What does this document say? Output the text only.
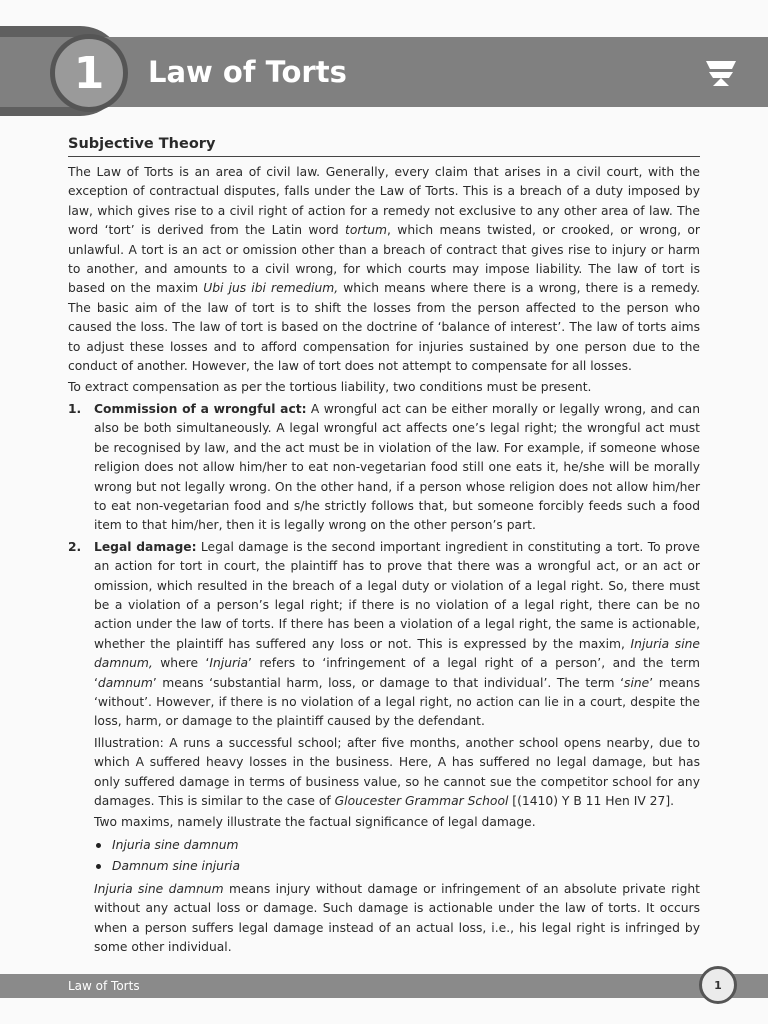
1	Law of Torts
Subjective Theory

The Law of Torts is an area of civil law. Generally, every claim that arises in a civil court, with the exception of contractual disputes, falls under the Law of Torts. This is a breach of a duty imposed by law, which gives rise to a civil right of action for a remedy not exclusive to any other area of law. The word ‘tort’ is derived from the Latin word tortum, which means twisted, or crooked, or wrong, or unlawful. A tort is an act or omission other than a breach of contract that gives rise to injury or harm to another, and amounts to a civil wrong, for which courts may impose liability. The law of tort is based on the maxim Ubi jus ibi remedium, which means where there is a wrong, there is a remedy. The basic aim of the law of tort is to shift the losses from the person affected to the person who caused the loss. The law of tort is based on the doctrine of ‘balance of interest’. The law of torts aims to adjust these losses and to afford compensation for injuries sustained by one person due to the conduct of another. However, the law of tort does not attempt to compensate for all losses.

To extract compensation as per the tortious liability, two conditions must be present.

1. Commission of a wrongful act: A wrongful act can be either morally or legally wrong, and can also be both simultaneously. A legal wrongful act affects one’s legal right; the wrongful act must be recognised by law, and the act must be in violation of the law. For example, if someone whose religion does not allow him/her to eat non-vegetarian food still one eats it, he/she will be morally wrong but not legally wrong. On the other hand, if a person whose religion does not allow him/her to eat non-vegetarian food and s/he strictly follows that, but someone forcibly feeds such a food item to that him/her, then it is legally wrong on the other person’s part.

2. Legal damage: Legal damage is the second important ingredient in constituting a tort. To prove an action for tort in court, the plaintiff has to prove that there was a wrongful act, or an act or omission, which resulted in the breach of a legal duty or violation of a legal right. So, there must be a violation of a person’s legal right; if there is no violation of a legal right, there can be no action under the law of torts. If there has been a violation of a legal right, the same is actionable, whether the plaintiff has suffered any loss or not. This is expressed by the maxim, Injuria sine damnum, where ‘Injuria’ refers to ‘infringement of a legal right of a person’, and the term ‘damnum’ means ‘substantial harm, loss, or damage to that individual’. The term ‘sine’ means ‘without’. However, if there is no violation of a legal right, no action can lie in a court, despite the loss, harm, or damage to the plaintiff caused by the defendant.

Illustration: A runs a successful school; after five months, another school opens nearby, due to which A suffered heavy losses in the business. Here, A has suffered no legal damage, but has only suffered damage in terms of business value, so he cannot sue the competitor school for any damages. This is similar to the case of Gloucester Grammar School [(1410) Y B 11 Hen IV 27].

Two maxims, namely illustrate the factual significance of legal damage.

Injuria sine damnum
Damnum sine injuria

Injuria sine damnum means injury without damage or infringement of an absolute private right without any actual loss or damage. Such damage is actionable under the law of torts. It occurs when a person suffers legal damage instead of an actual loss, i.e., his legal right is infringed by some other individual.

Law of Torts	1
